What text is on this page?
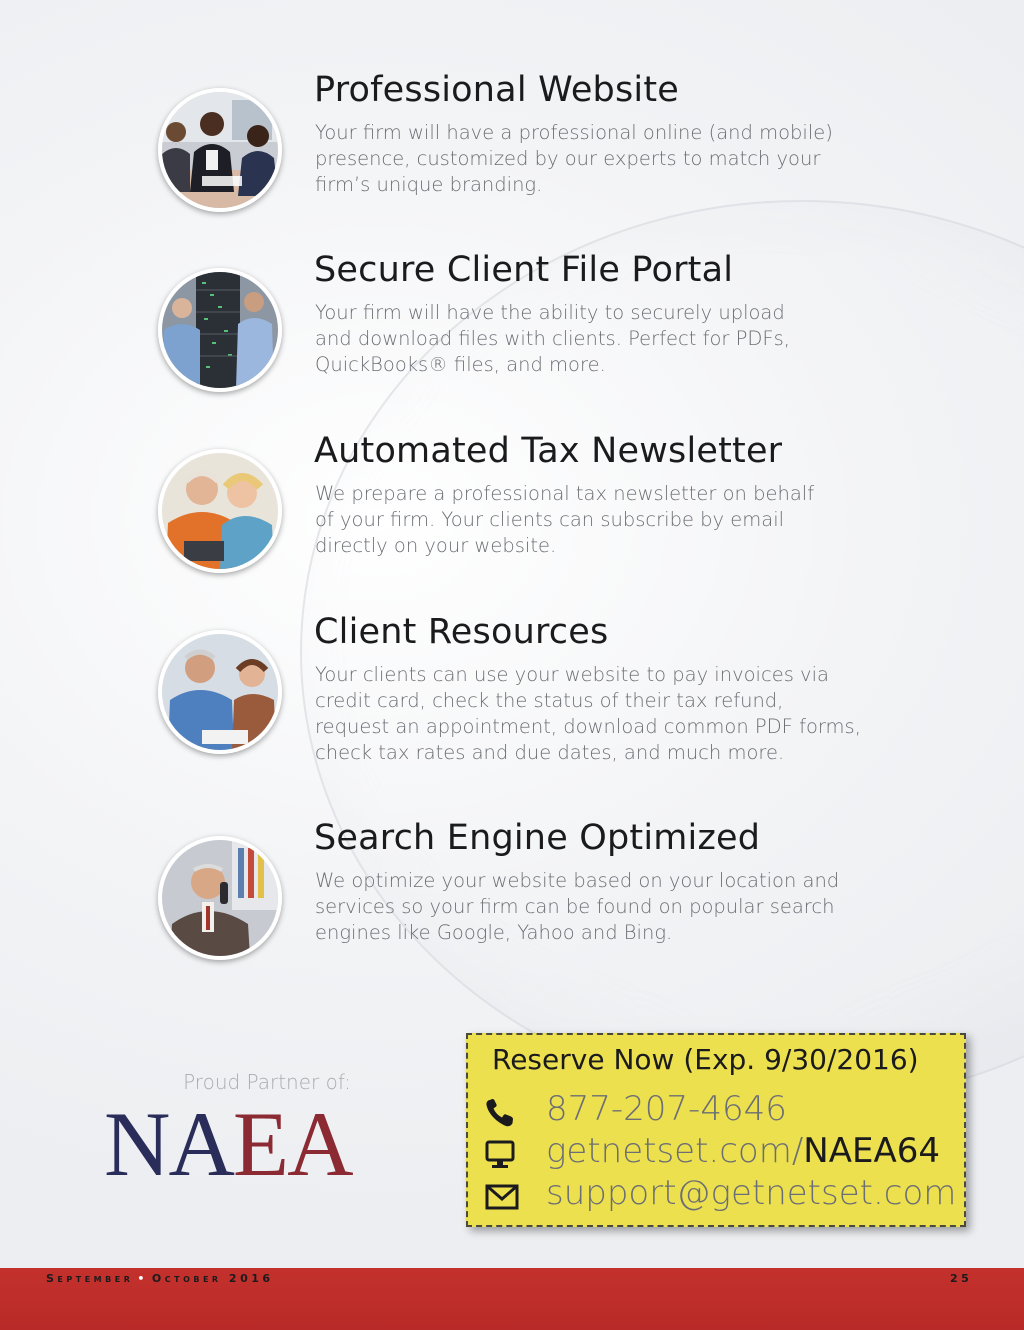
Professional Website

Your firm will have a professional online (and mobile)
presence, customized by our experts to match your
firm’s unique branding.

Secure Client File Portal

Your firm will have the ability to securely upload
and download files with clients. Perfect for PDFs,
QuickBooks® files, and more.

Automated Tax Newsletter

We prepare a professional tax newsletter on behalf
of your firm. Your clients can subscribe by email
directly on your website.

Client Resources

Your clients can use your website to pay invoices via
credit card, check the status of their tax refund,
request an appointment, download common PDF forms,
check tax rates and due dates, and much more.

Search Engine Optimized

We optimize your website based on your location and
services so your firm can be found on popular search
engines like Google, Yahoo and Bing.

Proud Partner of:
NAEA
Reserve Now (Exp. 9/30/2016)
877-207-4646
getnetset.com/NAEA64
support@getnetset.com
September • October 2016	25
